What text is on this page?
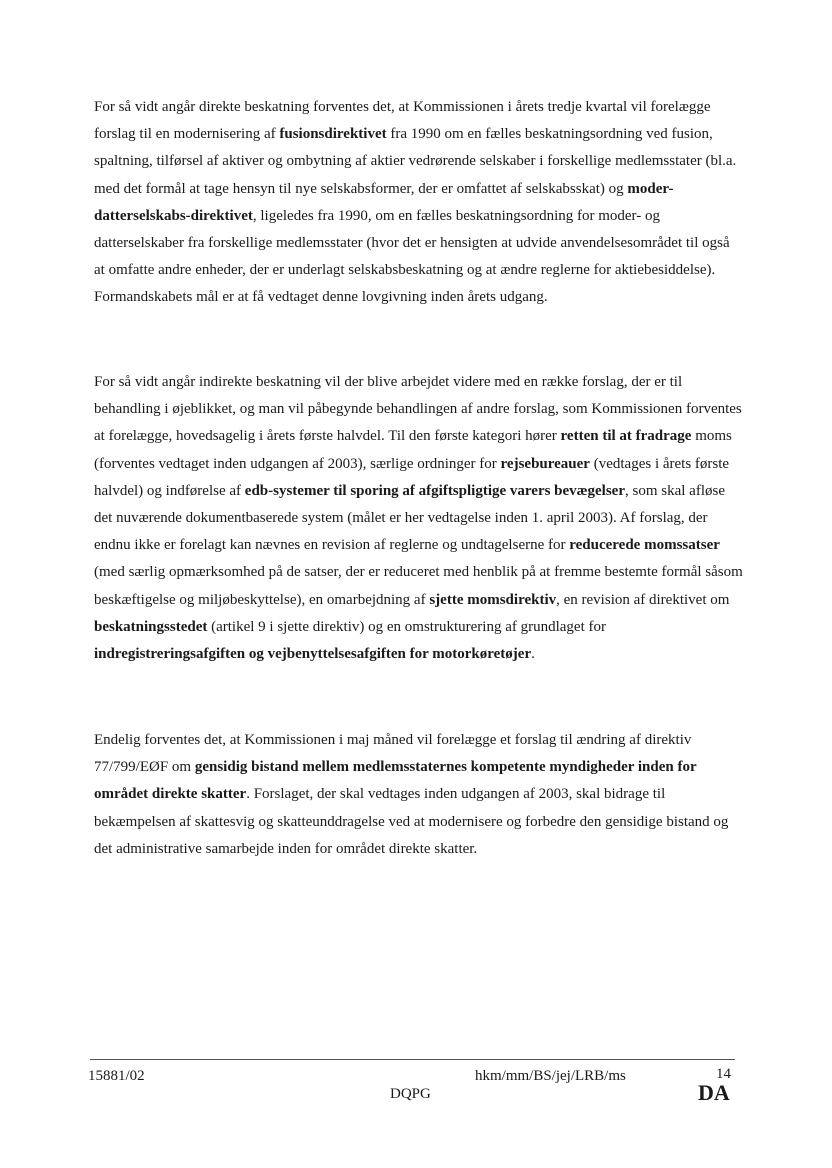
For så vidt angår direkte beskatning forventes det, at Kommissionen i årets tredje kvartal vil forelægge forslag til en modernisering af fusionsdirektivet fra 1990 om en fælles beskatningsordning ved fusion, spaltning, tilførsel af aktiver og ombytning af aktier vedrørende selskaber i forskellige medlemsstater (bl.a. med det formål at tage hensyn til nye selskabsformer, der er omfattet af selskabsskat) og moder-datterselskabs-direktivet, ligeledes fra 1990, om en fælles beskatningsordning for moder- og datterselskaber fra forskellige medlemsstater (hvor det er hensigten at udvide anvendelsesområdet til også at omfatte andre enheder, der er underlagt selskabsbeskatning og at ændre reglerne for aktiebesiddelse). Formandskabets mål er at få vedtaget denne lovgivning inden årets udgang.

For så vidt angår indirekte beskatning vil der blive arbejdet videre med en række forslag, der er til behandling i øjeblikket, og man vil påbegynde behandlingen af andre forslag, som Kommissionen forventes at forelægge, hovedsagelig i årets første halvdel. Til den første kategori hører retten til at fradrage moms (forventes vedtaget inden udgangen af 2003), særlige ordninger for rejsebureauer (vedtages i årets første halvdel) og indførelse af edb-systemer til sporing af afgiftspligtige varers bevægelser, som skal afløse det nuværende dokumentbaserede system (målet er her vedtagelse inden 1. april 2003). Af forslag, der endnu ikke er forelagt kan nævnes en revision af reglerne og undtagelserne for reducerede momssatser (med særlig opmærksomhed på de satser, der er reduceret med henblik på at fremme bestemte formål såsom beskæftigelse og miljøbeskyttelse), en omarbejdning af sjette momsdirektiv, en revision af direktivet om beskatningsstedet (artikel 9 i sjette direktiv) og en omstrukturering af grundlaget for indregistreringsafgiften og vejbenyttelsesafgiften for motorkøretøjer.

Endelig forventes det, at Kommissionen i maj måned vil forelægge et forslag til ændring af direktiv 77/799/EØF om gensidig bistand mellem medlemsstaternes kompetente myndigheder inden for området direkte skatter. Forslaget, der skal vedtages inden udgangen af 2003, skal bidrage til bekæmpelsen af skattesvig og skatteunddragelse ved at modernisere og forbedre den gensidige bistand og det administrative samarbejde inden for området direkte skatter.

15881/02	hkm/mm/BS/jej/LRB/ms	14
DQPG	DA
